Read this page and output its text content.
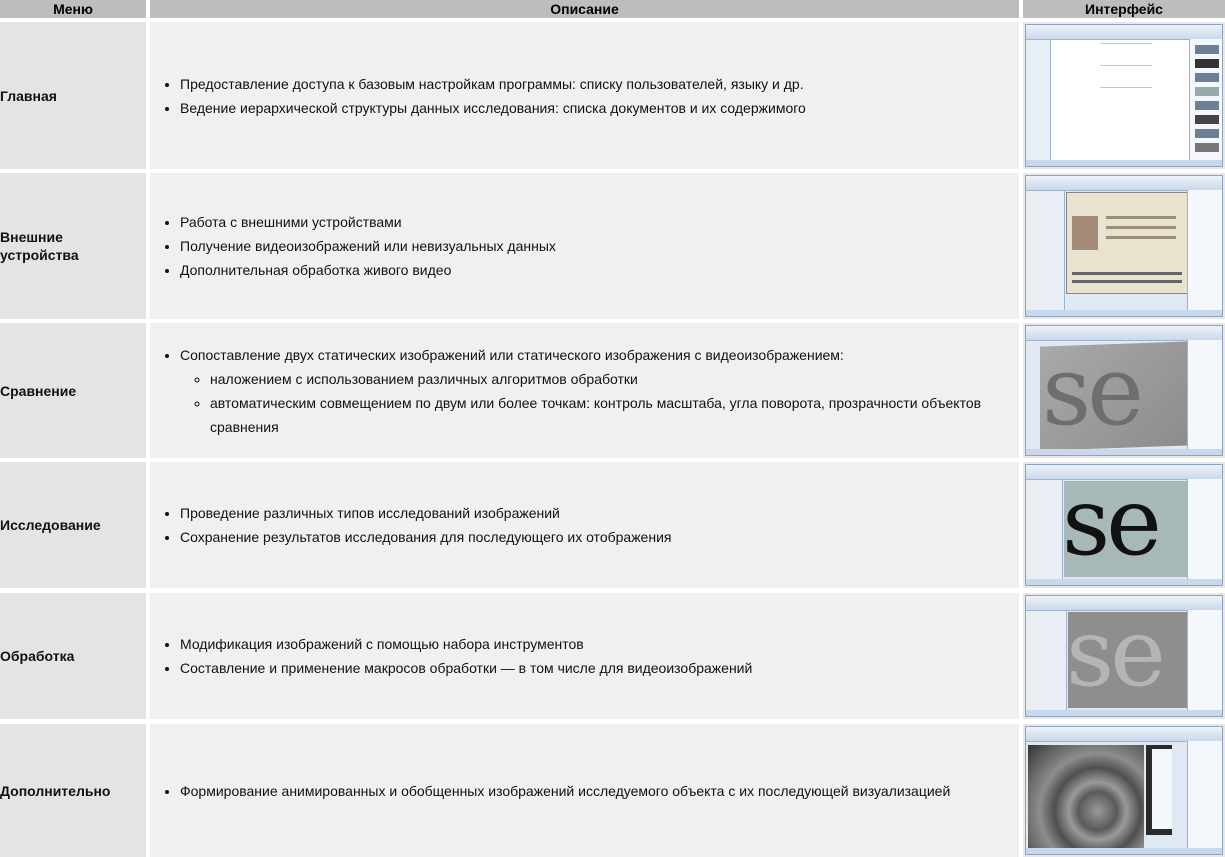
Меню	Описание	Интерфейс
Главная
• Предоставление доступа к базовым настройкам программы: списку пользователей, языку и др.
• Ведение иерархической структуры данных исследования: списка документов и их содержимого
Внешние устройства
• Работа с внешними устройствами
• Получение видеоизображений или невизуальных данных
• Дополнительная обработка живого видео
Сравнение
• Сопоставление двух статических изображений или статического изображения с видеоизображением:
◦ наложением с использованием различных алгоритмов обработки
◦ автоматическим совмещением по двум или более точкам: контроль масштаба, угла поворота, прозрачности объектов сравнения	se
Исследование
• Проведение различных типов исследований изображений
• Сохранение результатов исследования для последующего их отображения	se
Обработка
• Модификация изображений с помощью набора инструментов
• Составление и применение макросов обработки — в том числе для видеоизображений	se
Дополнительно
•	Формирование анимированных и обобщенных изображений исследуемого объекта с их последующей визуализацией
